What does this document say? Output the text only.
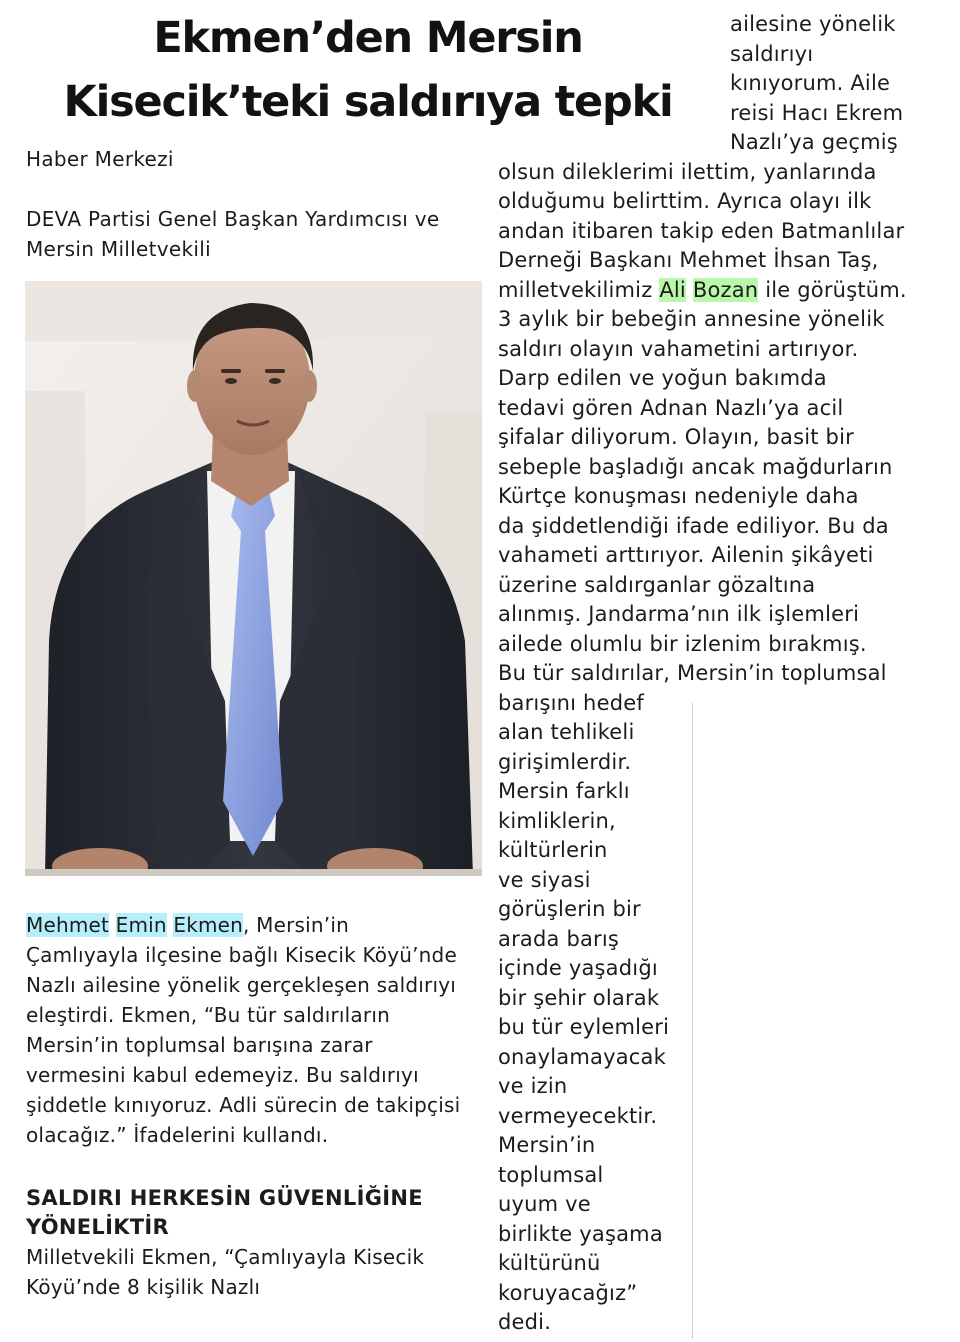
Ekmen’den Mersin
Kisecik’teki saldırıya tepki
Haber Merkezi
DEVA Partisi Genel Başkan Yardımcısı ve Mersin Milletvekili

Mehmet Emin Ekmen, Mersin’in Çamlıyayla ilçesine bağlı Kisecik Köyü’nde Nazlı ailesine yönelik gerçekleşen saldırıyı eleştirdi. Ekmen, “Bu tür saldırıların Mersin’in toplumsal barışına zarar vermesini kabul edemeyiz. Bu saldırıyı şiddetle kınıyoruz. Adli sürecin de takipçisi olacağız.” İfadelerini kullandı.

SALDIRI HERKESİN GÜVENLİĞİNE YÖNELİKTİR

Milletvekili Ekmen, “Çamlıyayla Kisecik Köyü’nde 8 kişilik Nazlı

ailesine yönelik
saldırıyı
kınıyorum. Aile
reisi Hacı Ekrem
Nazlı’ya geçmiş
olsun dileklerimi ilettim, yanlarında
olduğumu belirttim. Ayrıca olayı ilk
andan itibaren takip eden Batmanlılar
Derneği Başkanı Mehmet İhsan Taş,
milletvekilimiz Ali Bozan ile görüştüm.
3 aylık bir bebeğin annesine yönelik
saldırı olayın vahametini artırıyor.
Darp edilen ve yoğun bakımda
tedavi gören Adnan Nazlı’ya acil
şifalar diliyorum. Olayın, basit bir
sebeple başladığı ancak mağdurların
Kürtçe konuşması nedeniyle daha
da şiddetlendiği ifade ediliyor. Bu da
vahameti arttırıyor. Ailenin şikâyeti
üzerine saldırganlar gözaltına
alınmış. Jandarma’nın ilk işlemleri
ailede olumlu bir izlenim bırakmış.
Bu tür saldırılar, Mersin’in toplumsal
barışını hedef
alan tehlikeli
girişimlerdir.
Mersin farklı
kimliklerin,
kültürlerin
ve siyasi
görüşlerin bir
arada barış
içinde yaşadığı
bir şehir olarak
bu tür eylemleri
onaylamayacak
ve izin
vermeyecektir.
Mersin’in
toplumsal
uyum ve
birlikte yaşama
kültürünü
koruyacağız”
dedi.
